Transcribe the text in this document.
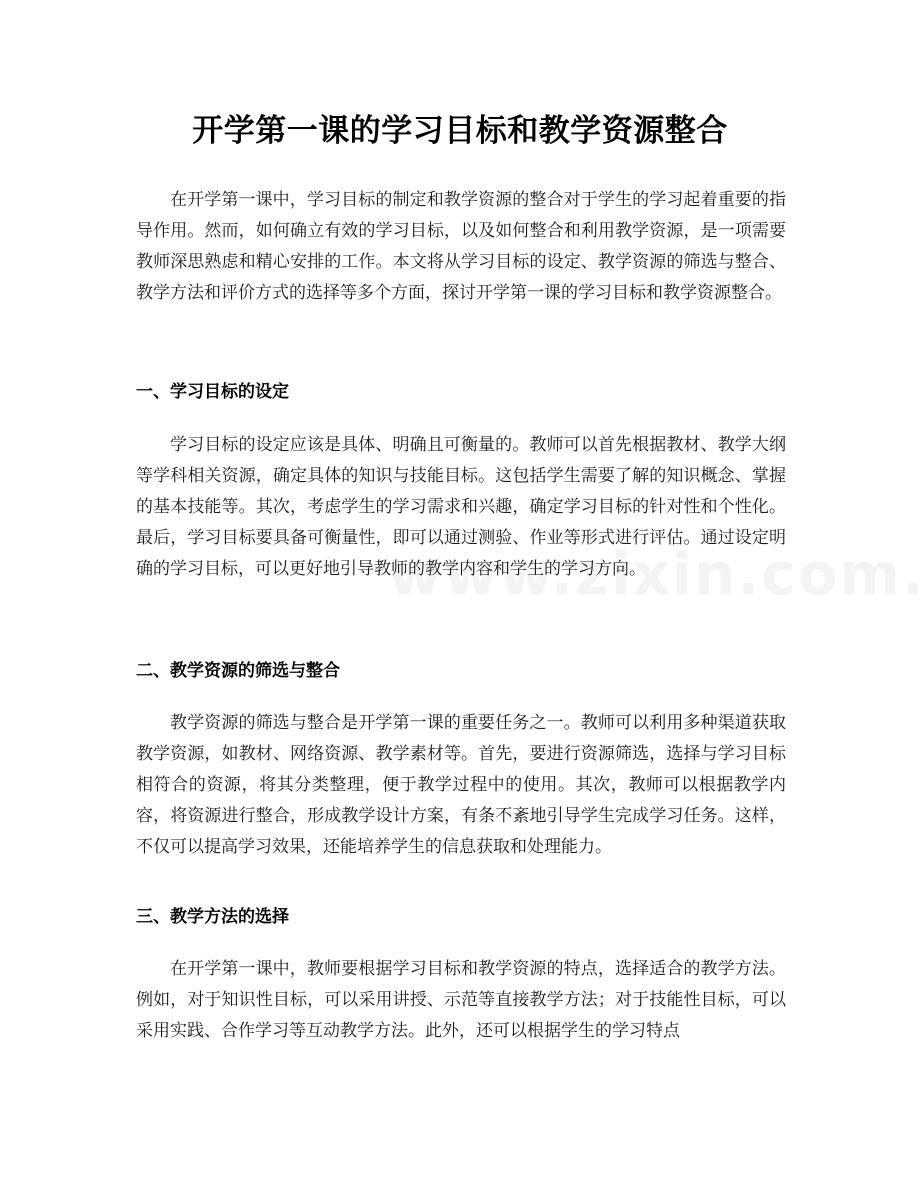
开学第一课的学习目标和教学资源整合

在开学第一课中，学习目标的制定和教学资源的整合对于学生的学习起着重要的指导作用。然而，如何确立有效的学习目标，以及如何整合和利用教学资源，是一项需要教师深思熟虑和精心安排的工作。本文将从学习目标的设定、教学资源的筛选与整合、教学方法和评价方式的选择等多个方面，探讨开学第一课的学习目标和教学资源整合。

一、学习目标的设定

学习目标的设定应该是具体、明确且可衡量的。教师可以首先根据教材、教学大纲等学科相关资源，确定具体的知识与技能目标。这包括学生需要了解的知识概念、掌握的基本技能等。其次，考虑学生的学习需求和兴趣，确定学习目标的针对性和个性化。最后，学习目标要具备可衡量性，即可以通过测验、作业等形式进行评估。通过设定明确的学习目标，可以更好地引导教师的教学内容和学生的学习方向。

二、教学资源的筛选与整合

教学资源的筛选与整合是开学第一课的重要任务之一。教师可以利用多种渠道获取教学资源，如教材、网络资源、教学素材等。首先，要进行资源筛选，选择与学习目标相符合的资源，将其分类整理，便于教学过程中的使用。其次，教师可以根据教学内容，将资源进行整合，形成教学设计方案，有条不紊地引导学生完成学习任务。这样，不仅可以提高学习效果，还能培养学生的信息获取和处理能力。

三、教学方法的选择

在开学第一课中，教师要根据学习目标和教学资源的特点，选择适合的教学方法。例如，对于知识性目标，可以采用讲授、示范等直接教学方法；对于技能性目标，可以采用实践、合作学习等互动教学方法。此外，还可以根据学生的学习特点
